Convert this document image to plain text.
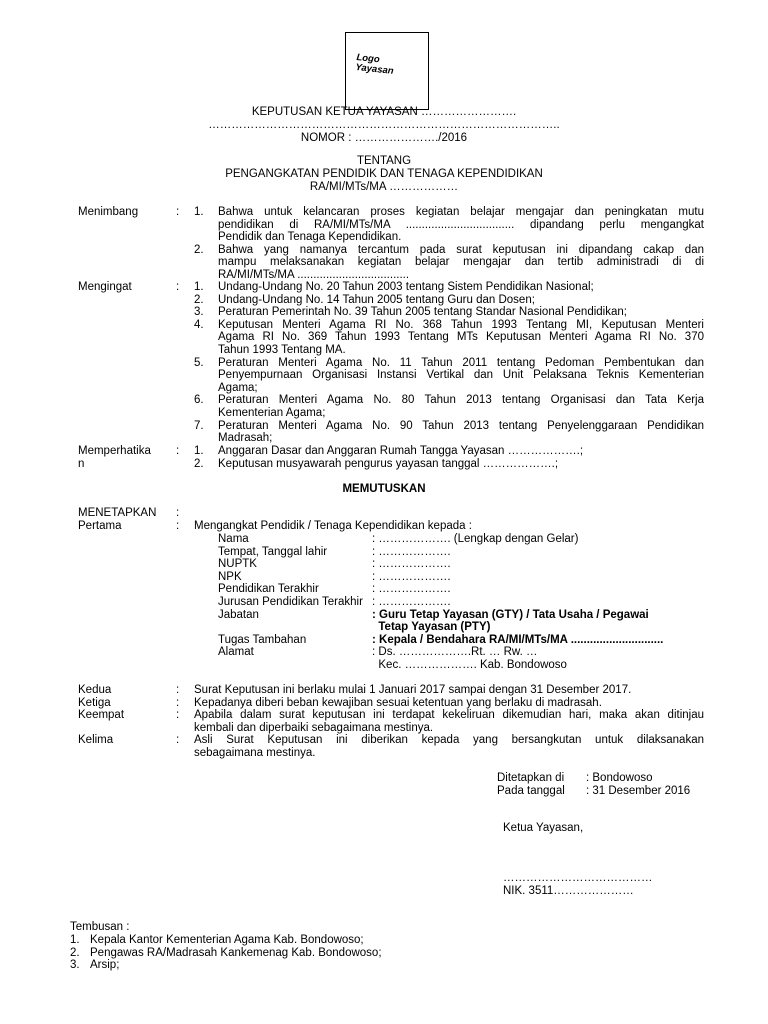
Logo
Yayasan
KEPUTUSAN KETUA YAYASAN …………………….
………………………………………………………………………………..
NOMOR : …………………./2016
TENTANG
PENGANGKATAN PENDIDIK DAN TENAGA KEPENDIDIKAN
RA/MI/MTs/MA ………………
Menimbang	: 1. Bahwa untuk kelancaran proses kegiatan belajar mengajar dan peningkatan mutu
pendidikan di RA/MI/MTs/MA .................................. dipandang perlu mengangkat
Pendidik dan Tenaga Kependidikan.
2. Bahwa yang namanya tercantum pada surat keputusan ini dipandang cakap dan
mampu melaksanakan kegiatan belajar mengajar dan tertib administradi di di
RA/MI/MTs/MA ...................................
Mengingat	: 1. Undang-Undang No. 20 Tahun 2003 tentang Sistem Pendidikan Nasional;
2. Undang-Undang No. 14 Tahun 2005 tentang Guru dan Dosen;
3. Peraturan Pemerintah No. 39 Tahun 2005 tentang Standar Nasional Pendidikan;
4. Keputusan Menteri Agama RI No. 368 Tahun 1993 Tentang MI, Keputusan Menteri
Agama RI No. 369 Tahun 1993 Tentang MTs Keputusan Menteri Agama RI No. 370
Tahun 1993 Tentang MA.
5. Peraturan Menteri Agama No. 11 Tahun 2011 tentang Pedoman Pembentukan dan
Penyempurnaan Organisasi Instansi Vertikal dan Unit Pelaksana Teknis Kementerian
Agama;
6. Peraturan Menteri Agama No. 80 Tahun 2013 tentang Organisasi dan Tata Kerja
Kementerian Agama;
7. Peraturan Menteri Agama No. 90 Tahun 2013 tentang Penyelenggaraan Pendidikan
Madrasah;
Memperhatika
n
: 1. Anggaran Dasar dan Anggaran Rumah Tangga Yayasan ……………….;
2. Keputusan musyawarah pengurus yayasan tanggal ……………….;
MEMUTUSKAN
MENETAPKAN :
Pertama	: Mengangkat Pendidik / Tenaga Kependidikan kepada :
Nama	: ………………. (Lengkap dengan Gelar)
Tempat, Tanggal lahir	: ……………….
NUPTK	: ……………….
NPK	: ……………….
Pendidikan Terakhir	: ……………….
Jurusan Pendidikan Terakhir : ……………….
Jabatan	: Guru Tetap Yayasan (GTY) / Tata Usaha / Pegawai
Tetap Yayasan (PTY)
Tugas Tambahan	: Kepala / Bendahara RA/MI/MTs/MA .............................
Alamat	: Ds. ……………….Rt. … Rw. …
Kec. ………………. Kab. Bondowoso
Kedua	: Surat Keputusan ini berlaku mulai 1 Januari 2017 sampai dengan 31 Desember 2017.
Ketiga	: Kepadanya diberi beban kewajiban sesuai ketentuan yang berlaku di madrasah.
Keempat	: Apabila dalam surat keputusan ini terdapat kekeliruan dikemudian hari, maka akan ditinjau
kembali dan diperbaiki sebagaimana mestinya.
Kelima	: Asli Surat Keputusan ini diberikan kepada yang bersangkutan untuk dilaksanakan
sebagaimana mestinya.
Ditetapkan di : Bondowoso
Pada tanggal : 31 Desember 2016
Ketua Yayasan,
…………………………………
NIK. 3511…………………
Tembusan :
1. Kepala Kantor Kementerian Agama Kab. Bondowoso;
2. Pengawas RA/Madrasah Kankemenag Kab. Bondowoso;
3. Arsip;
